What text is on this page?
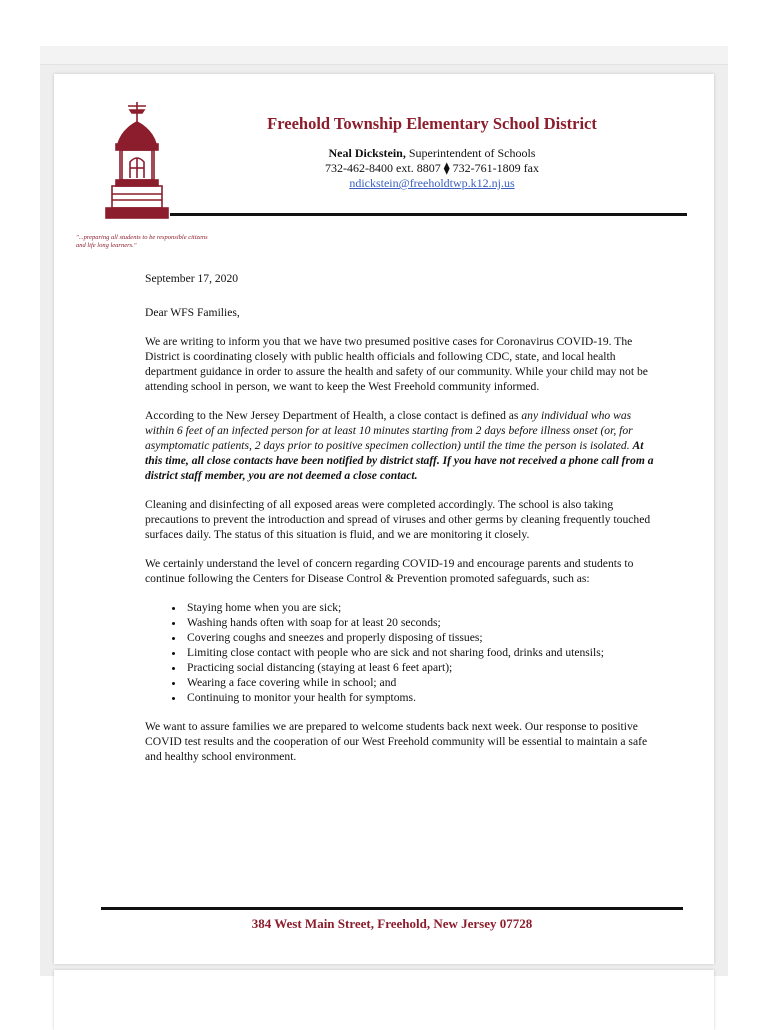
Freehold Township Elementary School District
Neal Dickstein, Superintendent of Schools
732-462-8400 ext. 8807 ⧫ 732-761-1809 fax
ndickstein@freeholdtwp.k12.nj.us
"...preparing all students to be responsible citizens and life long learners."

September 17, 2020

Dear WFS Families,

We are writing to inform you that we have two presumed positive cases for Coronavirus COVID-19. The District is coordinating closely with public health officials and following CDC, state, and local health department guidance in order to assure the health and safety of our community. While your child may not be attending school in person, we want to keep the West Freehold community informed.

According to the New Jersey Department of Health, a close contact is defined as any individual who was within 6 feet of an infected person for at least 10 minutes starting from 2 days before illness onset (or, for asymptomatic patients, 2 days prior to positive specimen collection) until the time the person is isolated. At this time, all close contacts have been notified by district staff. If you have not received a phone call from a district staff member, you are not deemed a close contact.

Cleaning and disinfecting of all exposed areas were completed accordingly. The school is also taking precautions to prevent the introduction and spread of viruses and other germs by cleaning frequently touched surfaces daily. The status of this situation is fluid, and we are monitoring it closely.

We certainly understand the level of concern regarding COVID-19 and encourage parents and students to continue following the Centers for Disease Control & Prevention promoted safeguards, such as:

• Staying home when you are sick;
• Washing hands often with soap for at least 20 seconds;
• Covering coughs and sneezes and properly disposing of tissues;
• Limiting close contact with people who are sick and not sharing food, drinks and utensils;
• Practicing social distancing (staying at least 6 feet apart);
• Wearing a face covering while in school; and
• Continuing to monitor your health for symptoms.

We want to assure families we are prepared to welcome students back next week. Our response to positive COVID test results and the cooperation of our West Freehold community will be essential to maintain a safe and healthy school environment.

384 West Main Street, Freehold, New Jersey 07728
